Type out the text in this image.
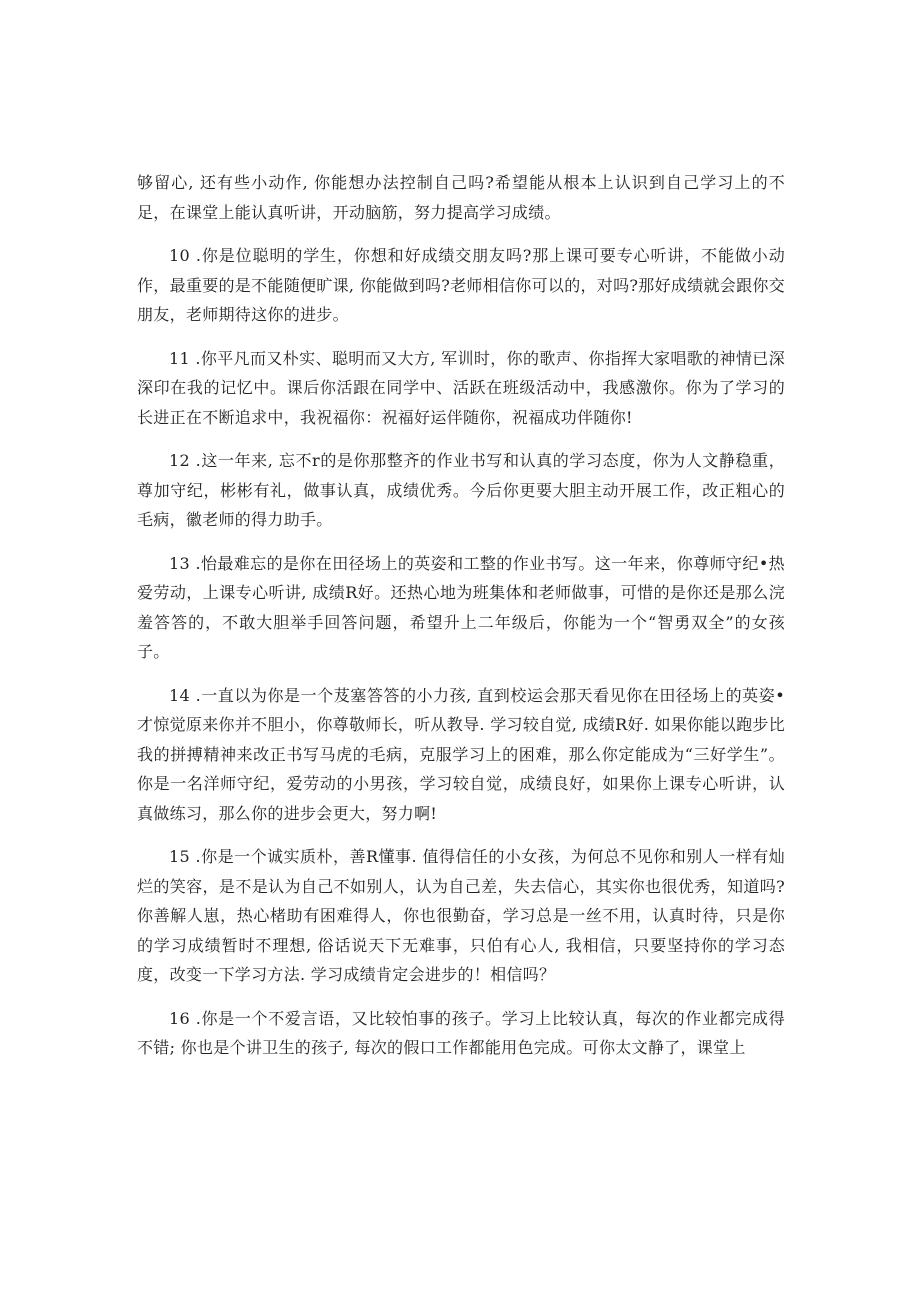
够留心, 还有些小动作, 你能想办法控制自己吗?希望能从根本上认识到自己学习上的不足，在课堂上能认真听讲，开动脑筋，努力提高学习成绩。

10 .你是位聪明的学生，你想和好成绩交朋友吗?那上课可要专心听讲，不能做小动作，最重要的是不能随便旷课, 你能做到吗?老师相信你可以的，对吗?那好成绩就会跟你交朋友，老师期待这你的进步。

11 .你平凡而又朴实、聪明而又大方, 军训时，你的歌声、你指挥大家唱歌的神情已深深印在我的记忆中。课后你活跟在同学中、活跃在班级活动中，我感激你。你为了学习的长进正在不断追求中，我祝福你：祝福好运伴随你，祝福成功伴随你!

12 .这一年来, 忘不r的是你那整齐的作业书写和认真的学习态度，你为人文静稳重，尊加守纪，彬彬有礼，做事认真，成绩优秀。今后你更要大胆主动开展工作，改正粗心的毛病，徽老师的得力助手。

13 .怡最难忘的是你在田径场上的英姿和工整的作业书写。这一年来，你尊师守纪•热爱劳动，上课专心听讲, 成绩R好。还热心地为班集体和老师做事，可惜的是你还是那么浣羞答答的，不敢大胆举手回答问题，希望升上二年级后，你能为一个“智勇双全”的女孩子。

14 .一直以为你是一个芨塞答答的小力孩, 直到校运会那天看见你在田径场上的英姿•才惊觉原来你并不胆小，你尊敬师长，听从教导. 学习较自觉, 成绩R好. 如果你能以跑步比我的拼搏精神来改正书写马虎的毛病，克服学习上的困难，那么你定能成为“三好学生”。你是一名洋师守纪，爱劳动的小男孩，学习较自觉，成绩良好，如果你上课专心听讲，认真做练习，那么你的进步会更大，努力啊!

15 .你是一个诚实质朴，善R懂事. 值得信任的小女孩，为何总不见你和别人一样有灿烂的笑容，是不是认为自己不如别人，认为自己差，失去信心，其实你也很优秀，知道吗?你善解人崽，热心楮助有困难得人，你也很勤奋，学习总是一丝不用，认真时待，只是你的学习成绩暂时不理想, 俗话说天下无难事，只伯有心人, 我相信，只要坚持你的学习态度，改变一下学习方法. 学习成绩肯定会进步的！相信吗？

16 .你是一个不爱言语，又比较怕事的孩子。学习上比较认真，每次的作业都完成得不错; 你也是个讲卫生的孩子, 每次的假口工作都能用色完成。可你太文静了，课堂上
